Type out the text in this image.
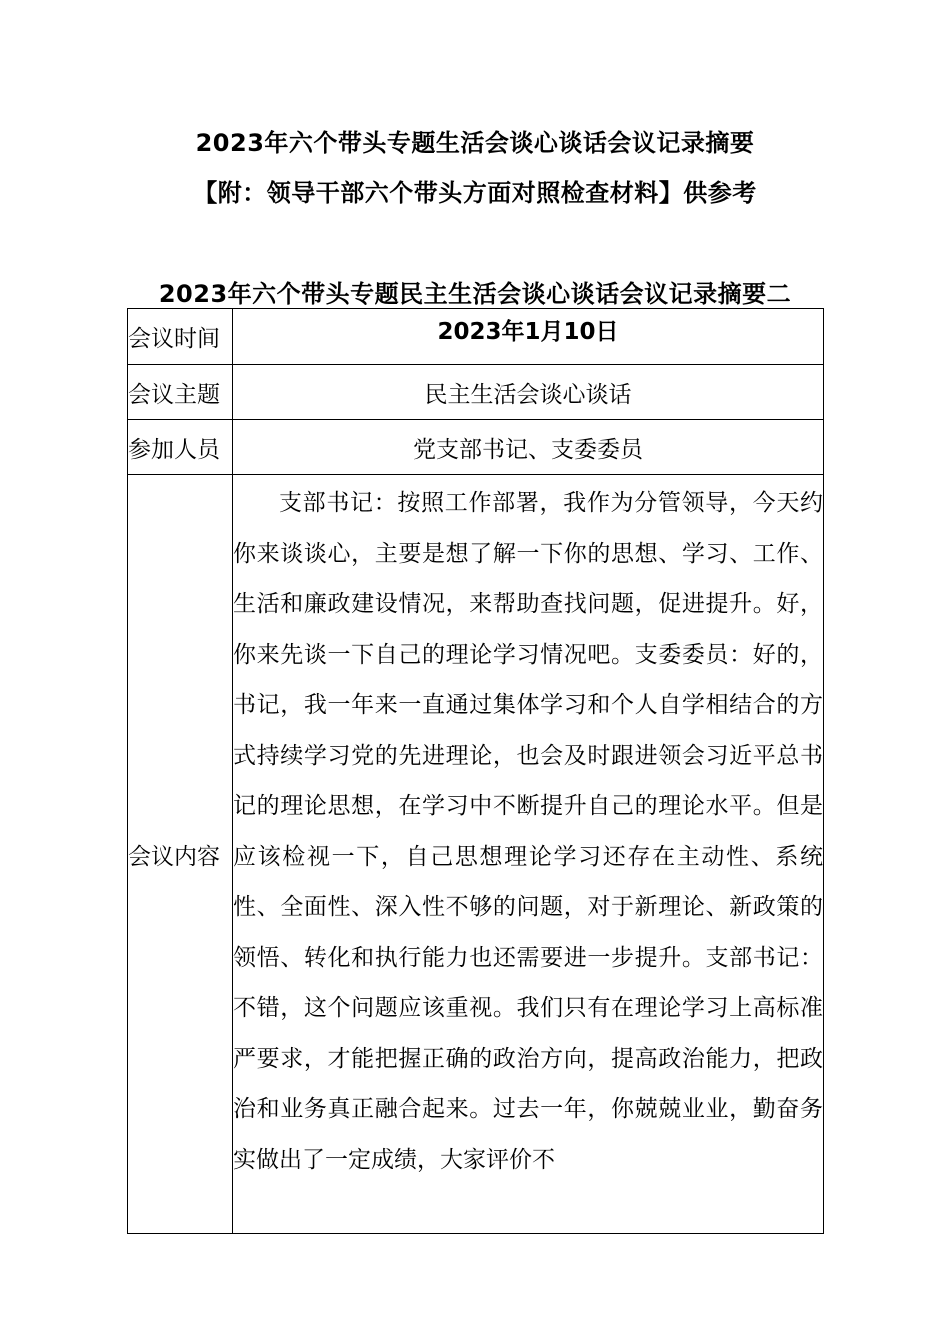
2023年六个带头专题生活会谈心谈话会议记录摘要
【附：领导干部六个带头方面对照检查材料】供参考
2023年六个带头专题民主生活会谈心谈话会议记录摘要二
会议时间	2023年1月10日
会议主题	民主生活会谈心谈话
参加人员	党支部书记、支委委员
会议内容	支部书记：按照工作部署，我作为分管领导，今天约你来谈谈心，主要是想了解一下你的思想、学习、工作、生活和廉政建设情况，来帮助查找问题，促进提升。好，你来先谈一下自己的理论学习情况吧。支委委员：好的，书记，我一年来一直通过集体学习和个人自学相结合的方式持续学习党的先进理论，也会及时跟进领会习近平总书记的理论思想，在学习中不断提升自己的理论水平。但是应该检视一下，自己思想理论学习还存在主动性、系统性、全面性、深入性不够的问题，对于新理论、新政策的领悟、转化和执行能力也还需要进一步提升。支部书记：不错，这个问题应该重视。我们只有在理论学习上高标准严要求，才能把握正确的政治方向，提高政治能力，把政治和业务真正融合起来。过去一年，你兢兢业业，勤奋务实做出了一定成绩，大家评价不
